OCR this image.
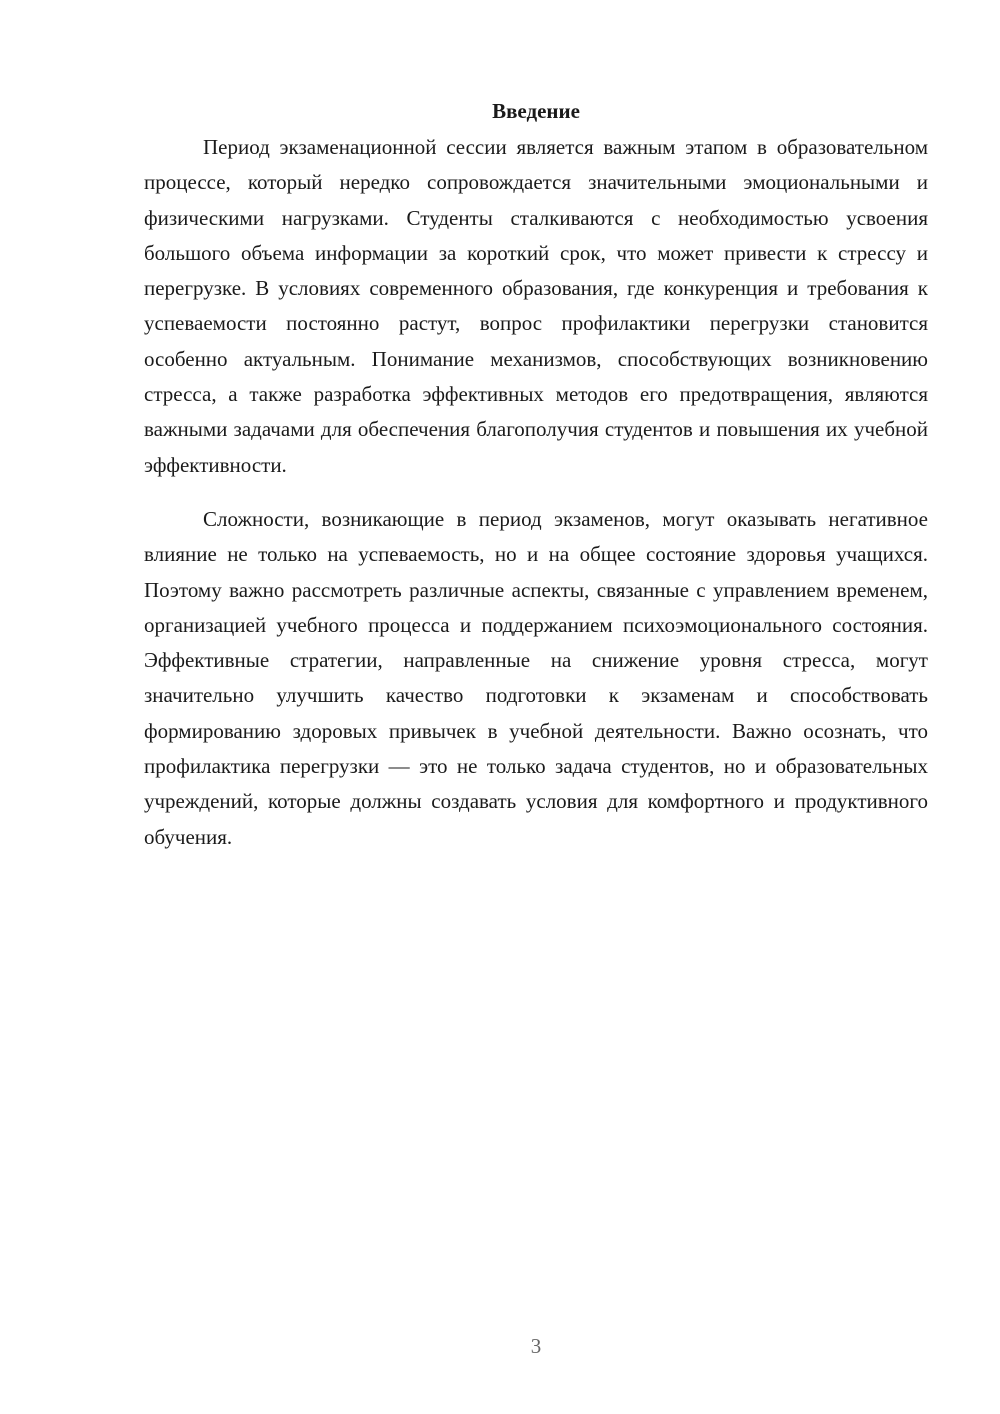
Введение

Период экзаменационной сессии является важным этапом в образовательном процессе, который нередко сопровождается значительными эмоциональными и физическими нагрузками. Студенты сталкиваются с необходимостью усвоения большого объема информации за короткий срок, что может привести к стрессу и перегрузке. В условиях современного образования, где конкуренция и требования к успеваемости постоянно растут, вопрос профилактики перегрузки становится особенно актуальным. Понимание механизмов, способствующих возникновению стресса, а также разработка эффективных методов его предотвращения, являются важными задачами для обеспечения благополучия студентов и повышения их учебной эффективности.

Сложности, возникающие в период экзаменов, могут оказывать негативное влияние не только на успеваемость, но и на общее состояние здоровья учащихся. Поэтому важно рассмотреть различные аспекты, связанные с управлением временем, организацией учебного процесса и поддержанием психоэмоционального состояния. Эффективные стратегии, направленные на снижение уровня стресса, могут значительно улучшить качество подготовки к экзаменам и способствовать формированию здоровых привычек в учебной деятельности. Важно осознать, что профилактика перегрузки — это не только задача студентов, но и образовательных учреждений, которые должны создавать условия для комфортного и продуктивного обучения.

3
